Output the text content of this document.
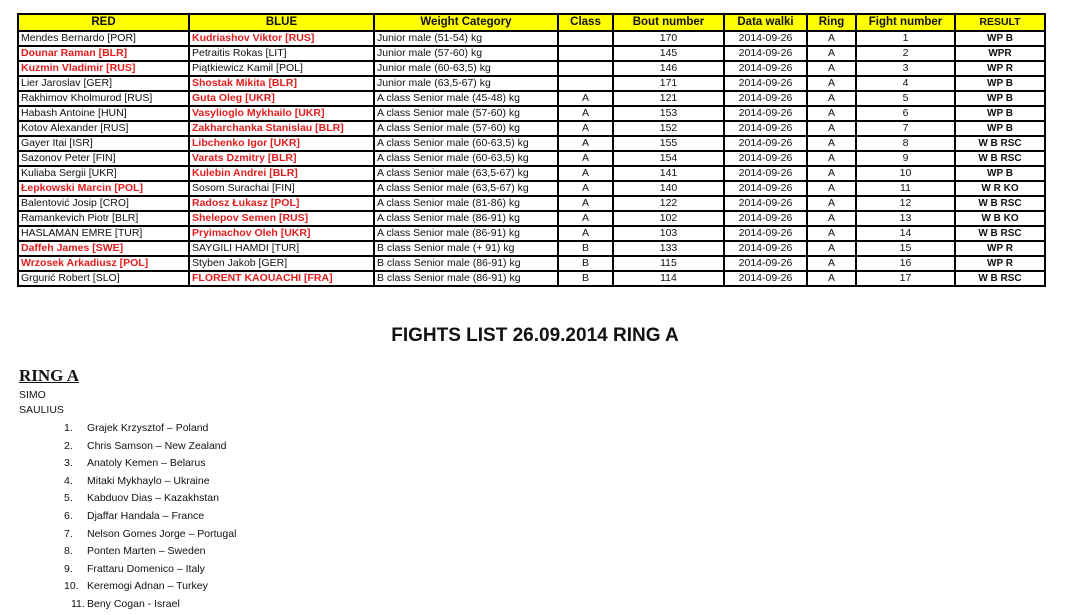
RED	BLUE	Weight Category	Class	Bout number	Data walki	Ring	Fight number	RESULT
Mendes Bernardo [POR]	Kudriashov Viktor [RUS]	Junior male (51-54) kg		170	2014-09-26	A	1	WP B
Dounar Raman [BLR]	Petraitis Rokas [LIT]	Junior male (57-60) kg		145	2014-09-26	A	2	WPR
Kuzmin Vladimir [RUS]	Piątkiewicz Kamil [POL]	Junior male (60-63,5) kg		146	2014-09-26	A	3	WP R
Lier Jaroslav [GER]	Shostak Mikita [BLR]	Junior male (63,5-67) kg		171	2014-09-26	A	4	WP B
Rakhimov Kholmurod [RUS]	Guta Oleg [UKR]	A class Senior male (45-48) kg	A	121	2014-09-26	A	5	WP B
Habash Antoine [HUN]	Vasylioglo Mykhailo [UKR]	A class Senior male (57-60) kg	A	153	2014-09-26	A	6	WP B
Kotov Alexander [RUS]	Zakharchanka Stanislau [BLR]	A class Senior male (57-60) kg	A	152	2014-09-26	A	7	WP B
Gayer Itai [ISR]	Libchenko Igor [UKR]	A class Senior male (60-63,5) kg	A	155	2014-09-26	A	8	W B RSC
Sazonov Peter [FIN]	Varats Dzmitry [BLR]	A class Senior male (60-63,5) kg	A	154	2014-09-26	A	9	W B RSC
Kuliaba Sergii [UKR]	Kulebin Andrei [BLR]	A class Senior male (63,5-67) kg	A	141	2014-09-26	A	10	WP B
Łepkowski Marcin [POL]	Sosom Surachai [FIN]	A class Senior male (63,5-67) kg	A	140	2014-09-26	A	11	W R KO
Balentović Josip [CRO]	Radosz Łukasz [POL]	A class Senior male (81-86) kg	A	122	2014-09-26	A	12	W B RSC
Ramankevich Piotr [BLR]	Shelepov Semen [RUS]	A class Senior male (86-91) kg	A	102	2014-09-26	A	13	W B KO
HASLAMAN EMRE [TUR]	Pryimachov Oleh [UKR]	A class Senior male (86-91) kg	A	103	2014-09-26	A	14	W B RSC
Daffeh James [SWE]	SAYGILI HAMDI [TUR]	B class Senior male (+ 91) kg	B	133	2014-09-26	A	15	WP R
Wrzosek Arkadiusz [POL]	Styben Jakob [GER]	B class Senior male (86-91) kg	B	115	2014-09-26	A	16	WP R
Grgurić Robert [SLO]	FLORENT KAOUACHI [FRA]	B class Senior male (86-91) kg	B	114	2014-09-26	A	17	W B RSC
FIGHTS LIST 26.09.2014 RING A
RING A
SIMO
SAULIUS
1.	Grajek Krzysztof – Poland
2.	Chris Samson – New Zealand
3.	Anatoly Kemen – Belarus
4.	Mitaki Mykhaylo – Ukraine
5.	Kabduov Dias – Kazakhstan
6.	Djaffar Handala – France
7.	Nelson Gomes Jorge – Portugal
8.	Ponten Marten – Sweden
9.	Frattaru Domenico – Italy
10. Keremogi Adnan – Turkey
11. Beny Cogan - Israel
